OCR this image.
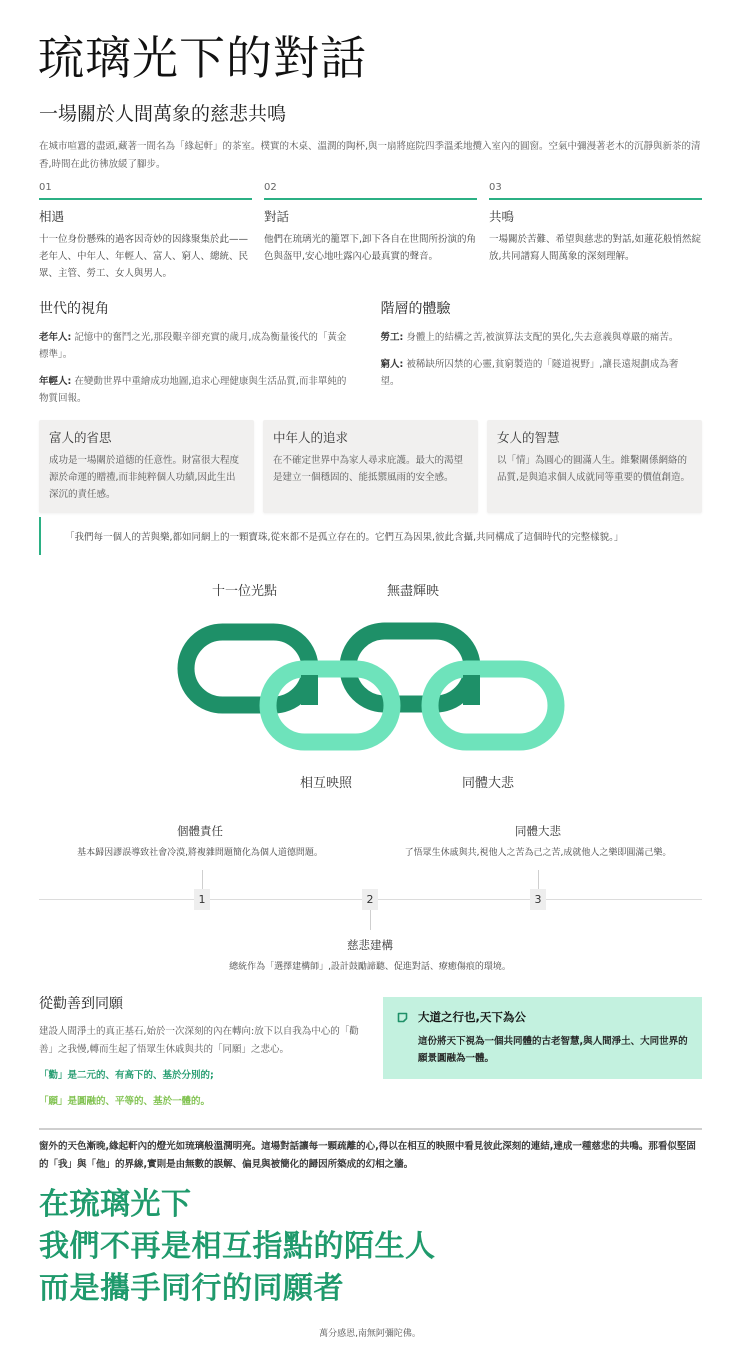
琉璃光下的對話
一場關於人間萬象的慈悲共鳴

在城市喧囂的盡頭,藏著一間名為「緣起軒」的茶室。樸實的木桌、溫潤的陶杯,與一扇將庭院四季溫柔地攬入室內的圓窗。空氣中彌漫著老木的沉靜與新茶的清香,時間在此彷彿放緩了腳步。

01
相遇
十一位身份懸殊的過客因奇妙的因緣聚集於此——老年人、中年人、年輕人、富人、窮人、總統、民眾、主管、勞工、女人與男人。
02
對話
他們在琉璃光的籠罩下,卸下各自在世間所扮演的角色與盔甲,安心地吐露內心最真實的聲音。
03
共鳴
一場關於苦難、希望與慈悲的對話,如蓮花般悄然綻放,共同譜寫人間萬象的深刻理解。
世代的視角

老年人: 記憶中的奮鬥之光,那段艱辛卻充實的歲月,成為衡量後代的「黃金標準」。

年輕人: 在變動世界中重繪成功地圖,追求心理健康與生活品質,而非單純的物質回報。

階層的體驗

勞工: 身體上的結構之苦,被演算法支配的異化,失去意義與尊嚴的痛苦。

窮人: 被稀缺所囚禁的心靈,貧窮製造的「隧道視野」,讓長遠規劃成為奢望。

富人的省思

成功是一場關於道德的任意性。財富很大程度源於命運的贈禮,而非純粹個人功績,因此生出深沉的責任感。

中年人的追求

在不確定世界中為家人尋求庇護。最大的渴望是建立一個穩固的、能抵禦風雨的安全感。

女人的智慧

以「情」為圓心的圓滿人生。維繫關係網絡的品質,是與追求個人成就同等重要的價值創造。

「我們每一個人的苦與樂,都如同網上的一顆寶珠,從來都不是孤立存在的。它們互為因果,彼此含攝,共同構成了這個時代的完整樣貌。」
十一位光點	無盡輝映
相互映照	同體大悲
個體責任
基本歸因謬誤導致社會冷漠,將複雜問題簡化為個人道德問題。
同體大悲
了悟眾生休戚與共,視他人之苦為己之苦,成就他人之樂即圓滿己樂。
1	2	3
慈悲建構
總統作為「選擇建構師」,設計鼓勵諦聽、促進對話、療癒傷痕的環境。
從勸善到同願

建設人間淨土的真正基石,始於一次深刻的內在轉向:放下以自我為中心的「勸善」之我慢,轉而生起了悟眾生休戚與共的「同願」之悲心。

「勸」是二元的、有高下的、基於分別的;

「願」是圓融的、平等的、基於一體的。

大道之行也,天下為公
這份將天下視為一個共同體的古老智慧,與人間淨土、大同世界的願景圓融為一體。

窗外的天色漸晚,緣起軒內的燈光如琉璃般溫潤明亮。這場對話讓每一顆疏離的心,得以在相互的映照中看見彼此深刻的連結,達成一種慈悲的共鳴。那看似堅固的「我」與「他」的界線,實則是由無數的誤解、偏見與被簡化的歸因所築成的幻相之牆。

在琉璃光下
我們不再是相互指點的陌生人
而是攜手同行的同願者
萬分感恩,南無阿彌陀佛。
